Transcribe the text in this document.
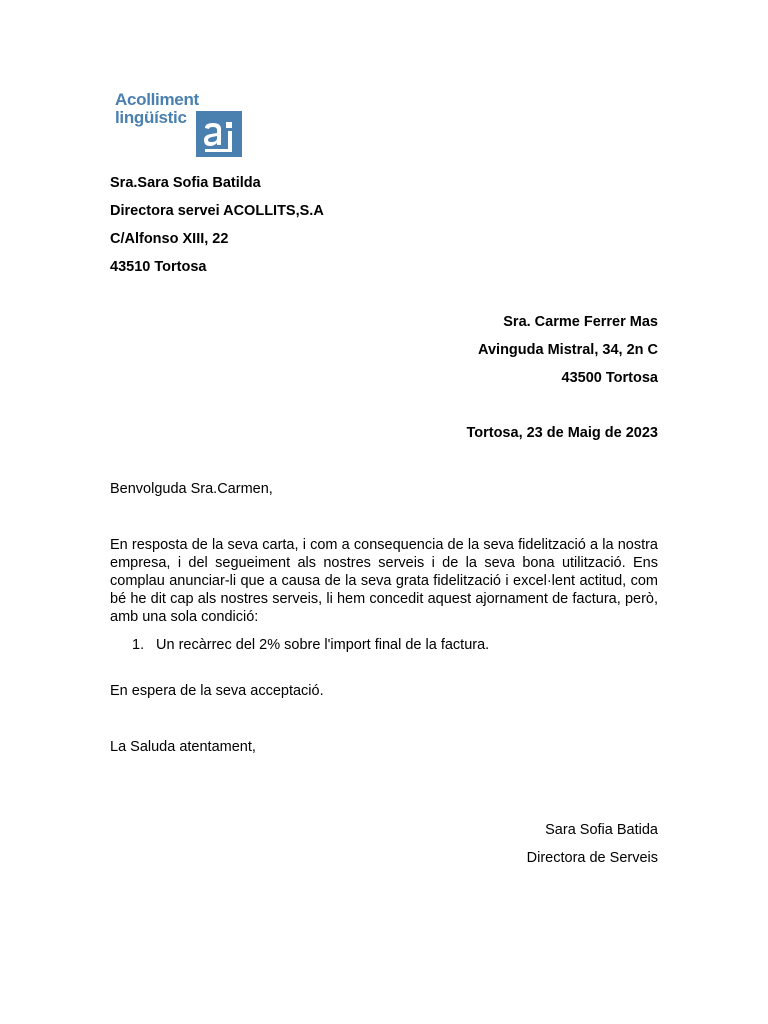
Acolliment
lingüístic
Sra.Sara Sofia Batilda
Directora servei ACOLLITS,S.A
C/Alfonso XIII, 22
43510 Tortosa
Sra. Carme Ferrer Mas
Avinguda Mistral, 34, 2n C
43500 Tortosa
Tortosa, 23 de Maig de 2023
Benvolguda Sra.Carmen,
En resposta de la seva carta, i com a consequencia de la seva fidelització a la nostra empresa, i del segueiment als nostres serveis i de la seva bona utilització. Ens complau anunciar-li que a causa de la seva grata fidelització i excel·lent actitud, com bé he dit cap als nostres serveis, li hem concedit aquest ajornament de factura, però, amb una sola condició:
1. Un recàrrec del 2% sobre l'import final de la factura.
En espera de la seva acceptació.
La Saluda atentament,
Sara Sofia Batida
Directora de Serveis
